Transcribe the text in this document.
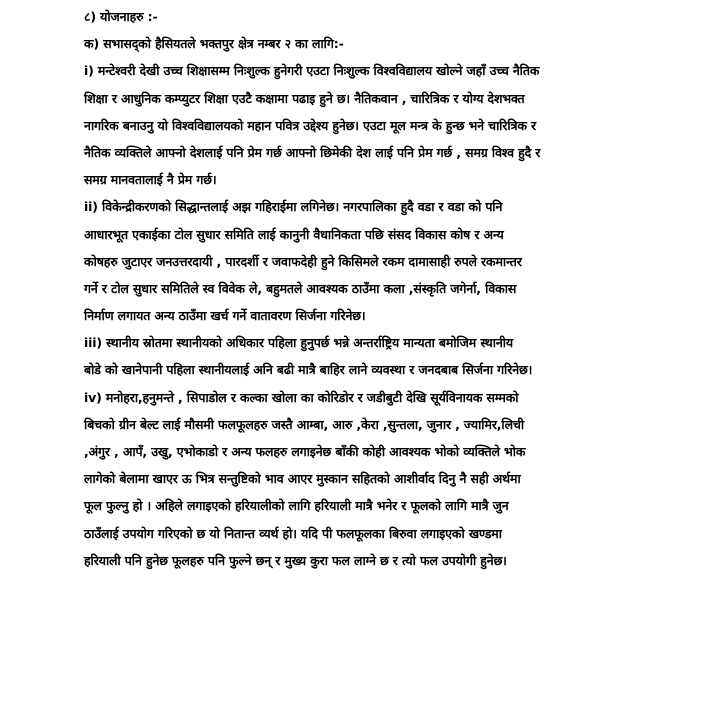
८) योजनाहरु :-
क) सभासद्को हैसियतले भक्तपुर क्षेत्र नम्बर २ का लागि:-
i) मन्टेश्वरी देखी उच्च शिक्षासम्म निःशुल्क हुनेगरी एउटा निःशुल्क विश्वविद्यालय खोल्ने जहाँ उच्च नैतिक
शिक्षा र आधुनिक कम्प्युटर शिक्षा एउटै कक्षामा पढाइ हुने छ। नैतिकवान , चारित्रिक र योग्य देशभक्त
नागरिक बनाउनु यो विश्वविद्यालयको महान पवित्र उद्देश्य हुनेछ। एउटा मूल मन्त्र के हुन्छ भने चारित्रिक र
नैतिक व्यक्तिले आफ्नो देशलाई पनि प्रेम गर्छ आफ्नो छिमेकी देश लाई पनि प्रेम गर्छ , समग्र विश्व हुदै र
समग्र मानवतालाई नै प्रेम गर्छ।
ii) विकेन्द्रीकरणको सिद्धान्तलाई अझ गहिराईमा लगिनेछ। नगरपालिका हुदै वडा र वडा को पनि
आधारभूत एकाईका टोल सुधार समिति लाई कानुनी वैधानिकता पछि संसद विकास कोष र अन्य
कोषहरु जुटाएर जनउत्तरदायी , पारदर्शी र जवाफदेही हुने किसिमले रकम दामासाही रुपले रकमान्तर
गर्ने र टोल सुधार समितिले स्व विवेक ले, बहुमतले आवश्यक ठाउँमा कला ,संस्कृति जगेर्ना, विकास
निर्माण लगायत अन्य ठाउँमा खर्च गर्ने वातावरण सिर्जना गरिनेछ।
iii) स्थानीय स्रोतमा स्थानीयको अधिकार पहिला हुनुपर्छ भन्ने अन्तर्राष्ट्रिय मान्यता बमोजिम स्थानीय
बोडे को खानेपानी पहिला स्थानीयलाई अनि बढी मात्रै बाहिर लाने व्यवस्था र जनदबाब सिर्जना गरिनेछ।
iv) मनोहरा,हनुमन्ते , सिपाडोल र कल्का खोला का कोरिडोर र जडीबुटी देखि सूर्यविनायक सम्मको
बिचको ग्रीन बेल्ट लाई मौसमी फलफूलहरु जस्तै आम्बा, आरु ,केरा ,सुन्तला, जुनार , ज्यामिर,लिची
,अंगुर , आपँ, उखु, एभोकाडो र अन्य फलहरु लगाइनेछ बाँकी कोही आवश्यक भोको व्यक्तिले भोक
लागेको बेलामा खाएर ऊ भित्र सन्तुष्टिको भाव आएर मुस्कान सहितको आशीर्वाद दिनु नै सही अर्थमा
फूल फुल्नु हो । अहिले लगाइएको हरियालीको लागि हरियाली मात्रै भनेर र फूलको लागि मात्रै जुन
ठाउँलाई उपयोग गरिएको छ यो नितान्त व्यर्थ हो। यदि पी फलफूलका बिरुवा लगाइएको खण्डमा
हरियाली पनि हुनेछ फूलहरु पनि फुल्ने छन् र मुख्य कुरा फल लाग्ने छ र त्यो फल उपयोगी हुनेछ।
